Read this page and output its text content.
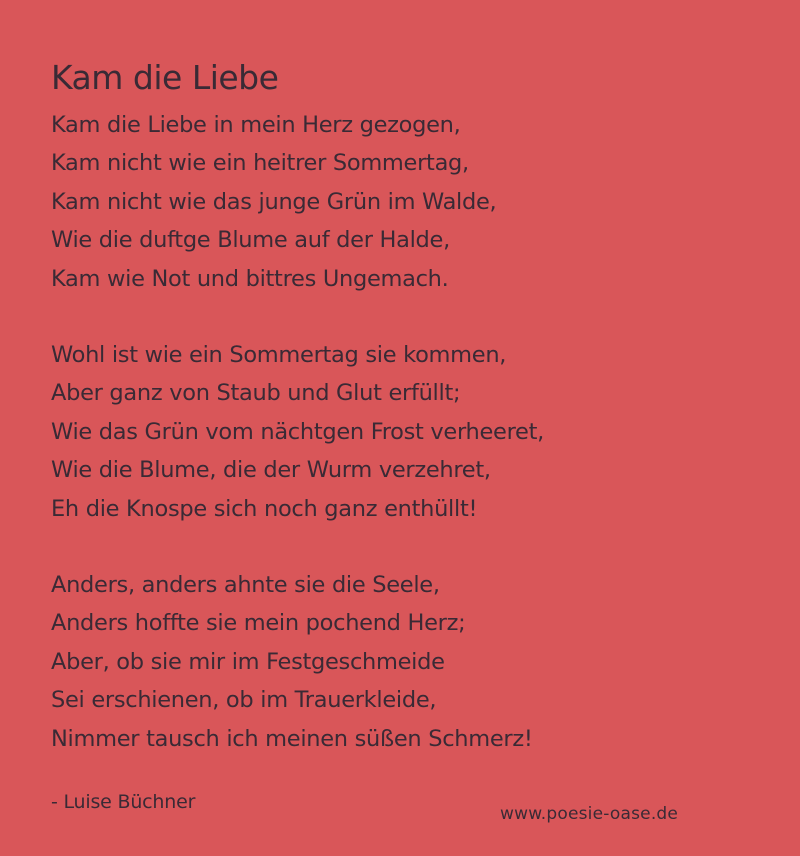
Kam die Liebe
Kam die Liebe in mein Herz gezogen,
Kam nicht wie ein heitrer Sommertag,
Kam nicht wie das junge Grün im Walde,
Wie die duftge Blume auf der Halde,
Kam wie Not und bittres Ungemach.
Wohl ist wie ein Sommertag sie kommen,
Aber ganz von Staub und Glut erfüllt;
Wie das Grün vom nächtgen Frost verheeret,
Wie die Blume, die der Wurm verzehret,
Eh die Knospe sich noch ganz enthüllt!
Anders, anders ahnte sie die Seele,
Anders hoffte sie mein pochend Herz;
Aber, ob sie mir im Festgeschmeide
Sei erschienen, ob im Trauerkleide,
Nimmer tausch ich meinen süßen Schmerz!

- Luise Büchner

www.poesie-oase.de
